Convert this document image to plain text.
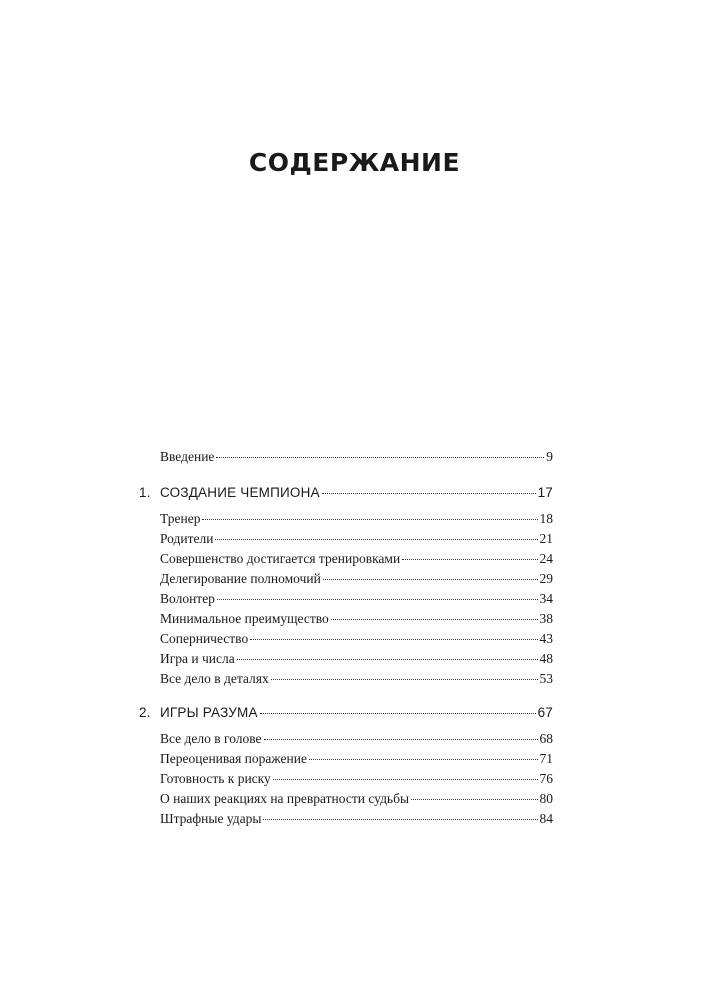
СОДЕРЖАНИЕ
Введение	9
1. СОЗДАНИЕ ЧЕМПИОНА	17
Тренер	18
Родители	21
Совершенство достигается тренировками	24
Делегирование полномочий	29
Волонтер	34
Минимальное преимущество	38
Соперничество	43
Игра и числа	48
Все дело в деталях	53
2. ИГРЫ РАЗУМА	67
Все дело в голове	68
Переоценивая поражение	71
Готовность к риску	76
О наших реакциях на превратности судьбы	80
Штрафные удары	84
